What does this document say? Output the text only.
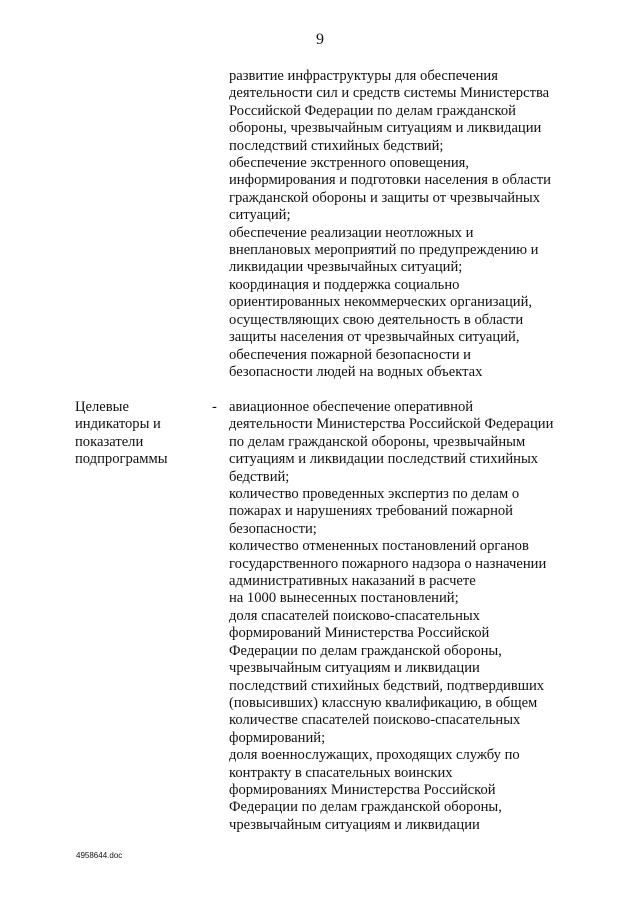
9
развитие инфраструктуры для обеспечения
деятельности сил и средств системы Министерства
Российской Федерации по делам гражданской
обороны, чрезвычайным ситуациям и ликвидации
последствий стихийных бедствий;
обеспечение экстренного оповещения,
информирования и подготовки населения в области
гражданской обороны и защиты от чрезвычайных
ситуаций;
обеспечение реализации неотложных и
внеплановых мероприятий по предупреждению и
ликвидации чрезвычайных ситуаций;
координация и поддержка социально
ориентированных некоммерческих организаций,
осуществляющих свою деятельность в области
защиты населения от чрезвычайных ситуаций,
обеспечения пожарной безопасности и
безопасности людей на водных объектах
Целевые
индикаторы и
показатели
подпрограммы
- авиационное обеспечение оперативной
деятельности Министерства Российской Федерации
по делам гражданской обороны, чрезвычайным
ситуациям и ликвидации последствий стихийных
бедствий;
количество проведенных экспертиз по делам о
пожарах и нарушениях требований пожарной
безопасности;
количество отмененных постановлений органов
государственного пожарного надзора о назначении
административных наказаний в расчете
на 1000 вынесенных постановлений;
доля спасателей поисково-спасательных
формирований Министерства Российской
Федерации по делам гражданской обороны,
чрезвычайным ситуациям и ликвидации
последствий стихийных бедствий, подтвердивших
(повысивших) классную квалификацию, в общем
количестве спасателей поисково-спасательных
формирований;
доля военнослужащих, проходящих службу по
контракту в спасательных воинских
формированиях Министерства Российской
Федерации по делам гражданской обороны,
чрезвычайным ситуациям и ликвидации
4958644.doc
